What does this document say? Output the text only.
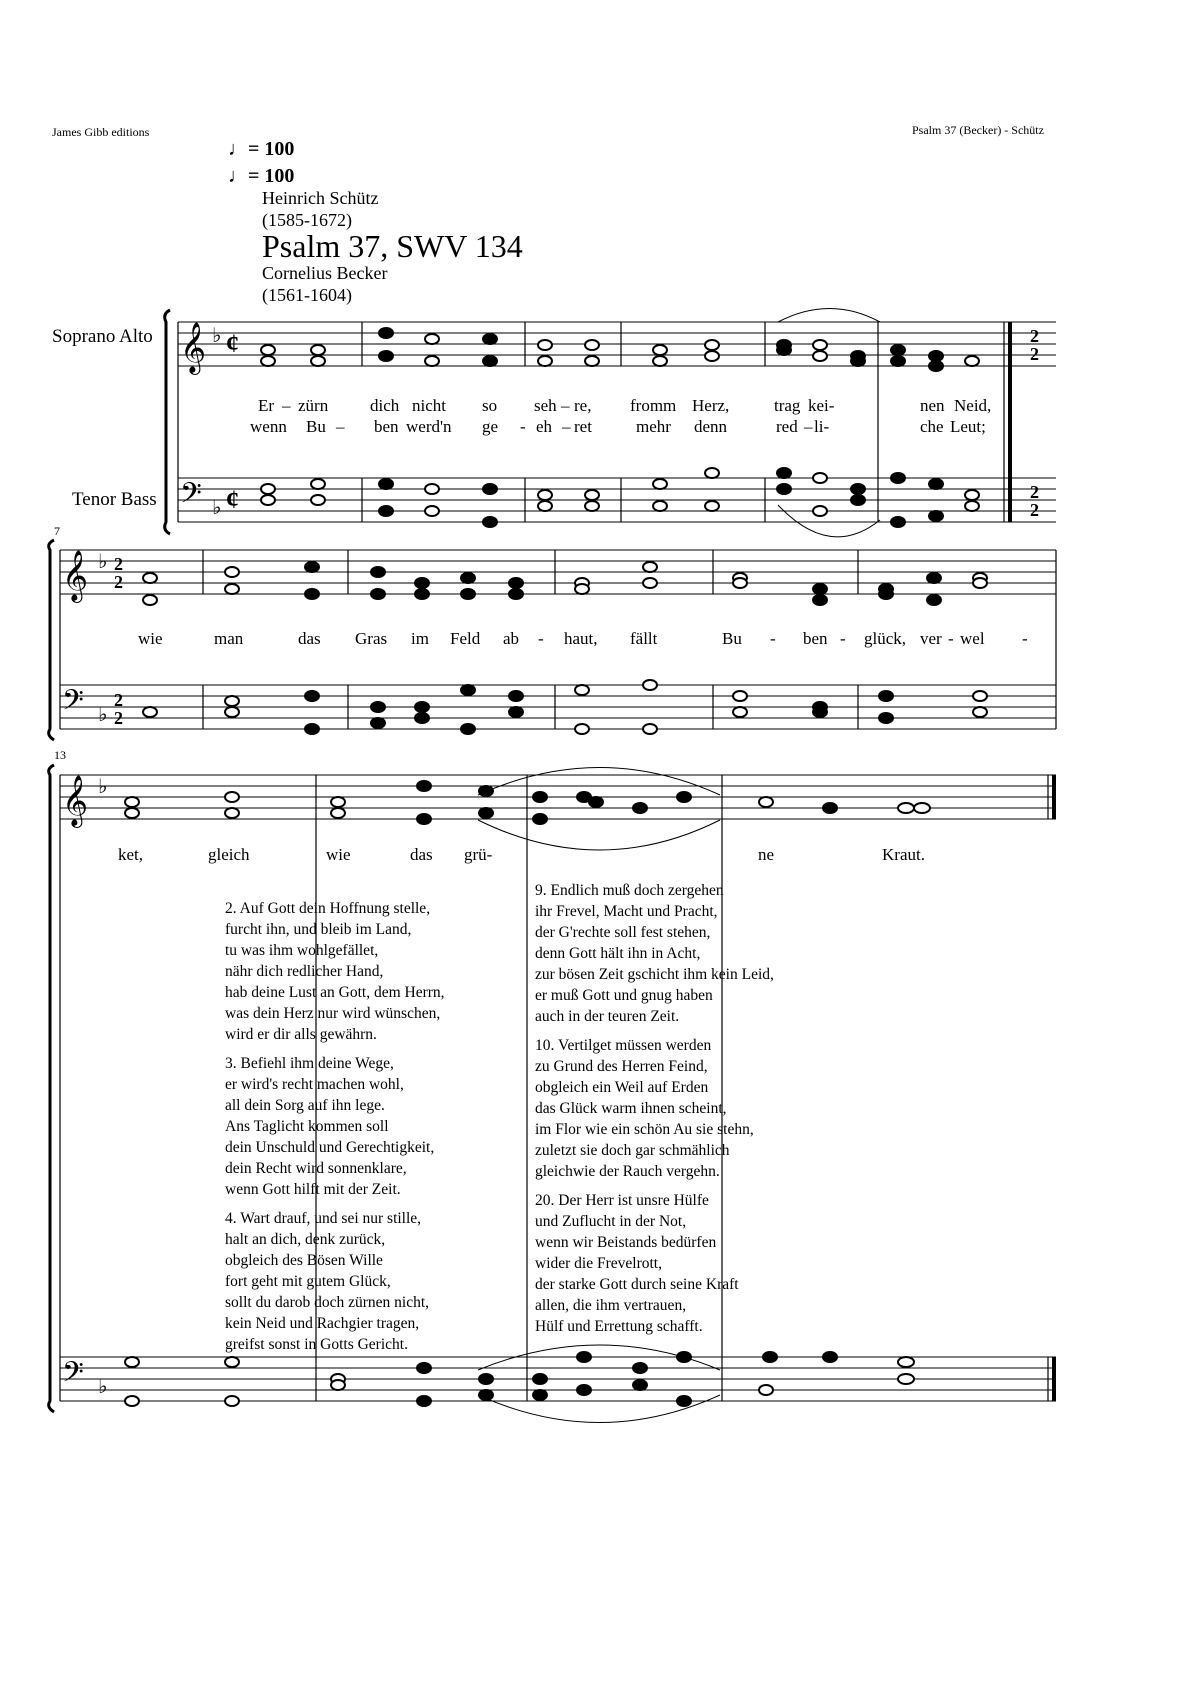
James Gibb editions	Psalm 37 (Becker) - Schütz
♩= 100
♩= 100
Heinrich Schütz
(1585-1672)
Psalm 37, SWV 134
Cornelius Becker
(1561-1604)
Soprano Alto
Tenor Bass
7
13
𝄞
𝄢
𝄞
𝄢
𝄞
𝄢
♭
♭
♭
♭
♭
♭
¢
¢
2
2
2
2
2
2
2
2
Er – zürn dich nicht so seh – re, fromm Herz,	trag kei-	nen Neid,
wenn Bu – ben werd'n ge - eh – ret	mehr denn	red – li-	che Leut;
wie	man	das Gras im Feld ab - haut, fällt	Bu - ben - glück, ver - wel -
ket,	gleich	wie	das grü-	ne	Kraut.
2. Auf Gott dein Hoffnung stelle,
furcht ihn, und bleib im Land,
tu was ihm wohlgefället,
nähr dich redlicher Hand,
hab deine Lust an Gott, dem Herrn,
was dein Herz nur wird wünschen,
wird er dir alls gewährn.
3. Befiehl ihm deine Wege,
er wird's recht machen wohl,
all dein Sorg auf ihn lege.
Ans Taglicht kommen soll
dein Unschuld und Gerechtigkeit,
dein Recht wird sonnenklare,
wenn Gott hilft mit der Zeit.
4. Wart drauf, und sei nur stille,
halt an dich, denk zurück,
obgleich des Bösen Wille
fort geht mit gutem Glück,
sollt du darob doch zürnen nicht,
kein Neid und Rachgier tragen,
greifst sonst in Gotts Gericht.
9. Endlich muß doch zergehen
ihr Frevel, Macht und Pracht,
der G'rechte soll fest stehen,
denn Gott hält ihn in Acht,
zur bösen Zeit gschicht ihm kein Leid,
er muß Gott und gnug haben
auch in der teuren Zeit.
10. Vertilget müssen werden
zu Grund des Herren Feind,
obgleich ein Weil auf Erden
das Glück warm ihnen scheint,
im Flor wie ein schön Au sie stehn,
zuletzt sie doch gar schmählich
gleichwie der Rauch vergehn.
20. Der Herr ist unsre Hülfe
und Zuflucht in der Not,
wenn wir Beistands bedürfen
wider die Frevelrott,
der starke Gott durch seine Kraft
allen, die ihm vertrauen,
Hülf und Errettung schafft.
